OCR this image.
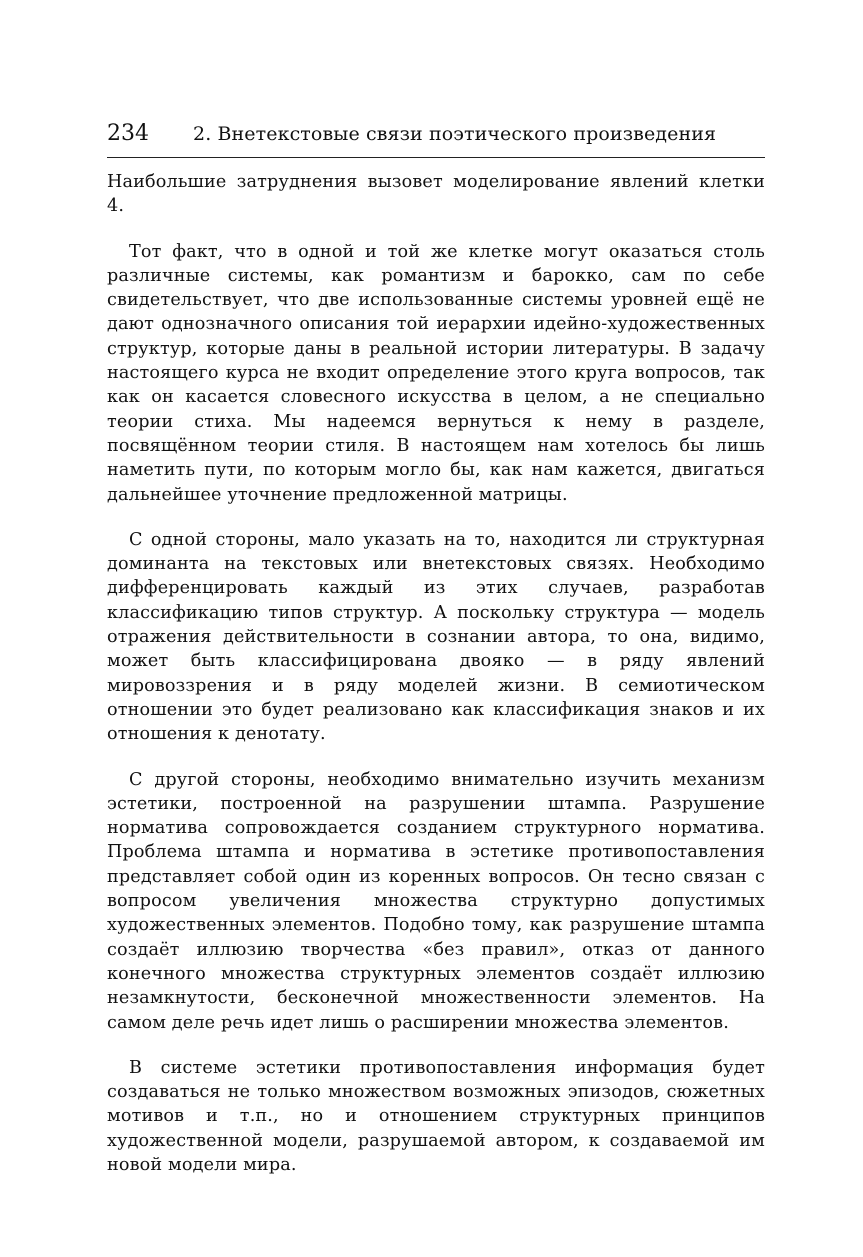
234 2. Внетекстовые связи поэтического произведения

Наибольшие затруднения вызовет моделирование явлений клетки 4.

Тот факт, что в одной и той же клетке могут оказаться столь различные системы, как романтизм и барокко, сам по себе свидетельствует, что две использованные системы уровней ещё не дают однозначного описания той иерархии идейно-художественных структур, которые даны в реальной истории литературы. В задачу настоящего курса не входит определение этого круга вопросов, так как он касается словесного искусства в целом, а не специально теории стиха. Мы надеемся вернуться к нему в разделе, посвящённом теории стиля. В настоящем нам хотелось бы лишь наметить пути, по которым могло бы, как нам кажется, двигаться дальнейшее уточнение предложенной матрицы.

С одной стороны, мало указать на то, находится ли структурная доминанта на текстовых или внетекстовых связях. Необходимо дифференцировать каждый из этих случаев, разработав классификацию типов структур. А поскольку структура — модель отражения действительности в сознании автора, то она, видимо, может быть классифицирована двояко — в ряду явлений мировоззрения и в ряду моделей жизни. В семиотическом отношении это будет реализовано как классификация знаков и их отношения к денотату.

С другой стороны, необходимо внимательно изучить механизм эстетики, построенной на разрушении штампа. Разрушение норматива сопровождается созданием структурного норматива. Проблема штампа и норматива в эстетике противопоставления представляет собой один из коренных вопросов. Он тесно связан с вопросом увеличения множества структурно допустимых художественных элементов. Подобно тому, как разрушение штампа создаёт иллюзию творчества «без правил», отказ от данного конечного множества структурных элементов создаёт иллюзию незамкнутости, бесконечной множественности элементов. На самом деле речь идет лишь о расширении множества элементов.

В системе эстетики противопоставления информация будет создаваться не только множеством возможных эпизодов, сюжетных мотивов и т.п., но и отношением структурных принципов художественной модели, разрушаемой автором, к создаваемой им новой модели мира.
